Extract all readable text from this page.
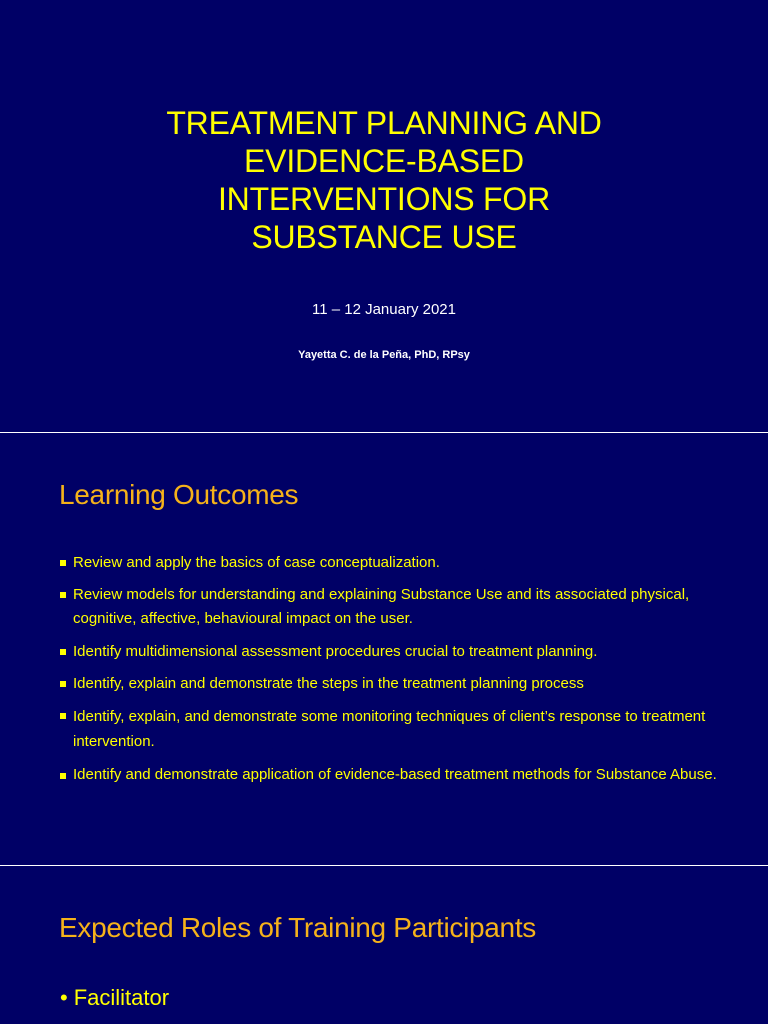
TREATMENT PLANNING AND
EVIDENCE-BASED
INTERVENTIONS FOR
SUBSTANCE USE
11 – 12 January 2021
Yayetta C. de la Peña, PhD, RPsy
Learning Outcomes
Review and apply the basics of case conceptualization.
Review models for understanding and explaining Substance Use and its associated physical, cognitive, affective, behavioural impact on the user.
Identify multidimensional assessment procedures crucial to treatment planning.
Identify, explain and demonstrate the steps in the treatment planning process
Identify, explain, and demonstrate some monitoring techniques of client’s response to treatment intervention.
Identify and demonstrate application of evidence-based treatment methods for Substance Abuse.
Expected Roles of Training Participants
• Facilitator
